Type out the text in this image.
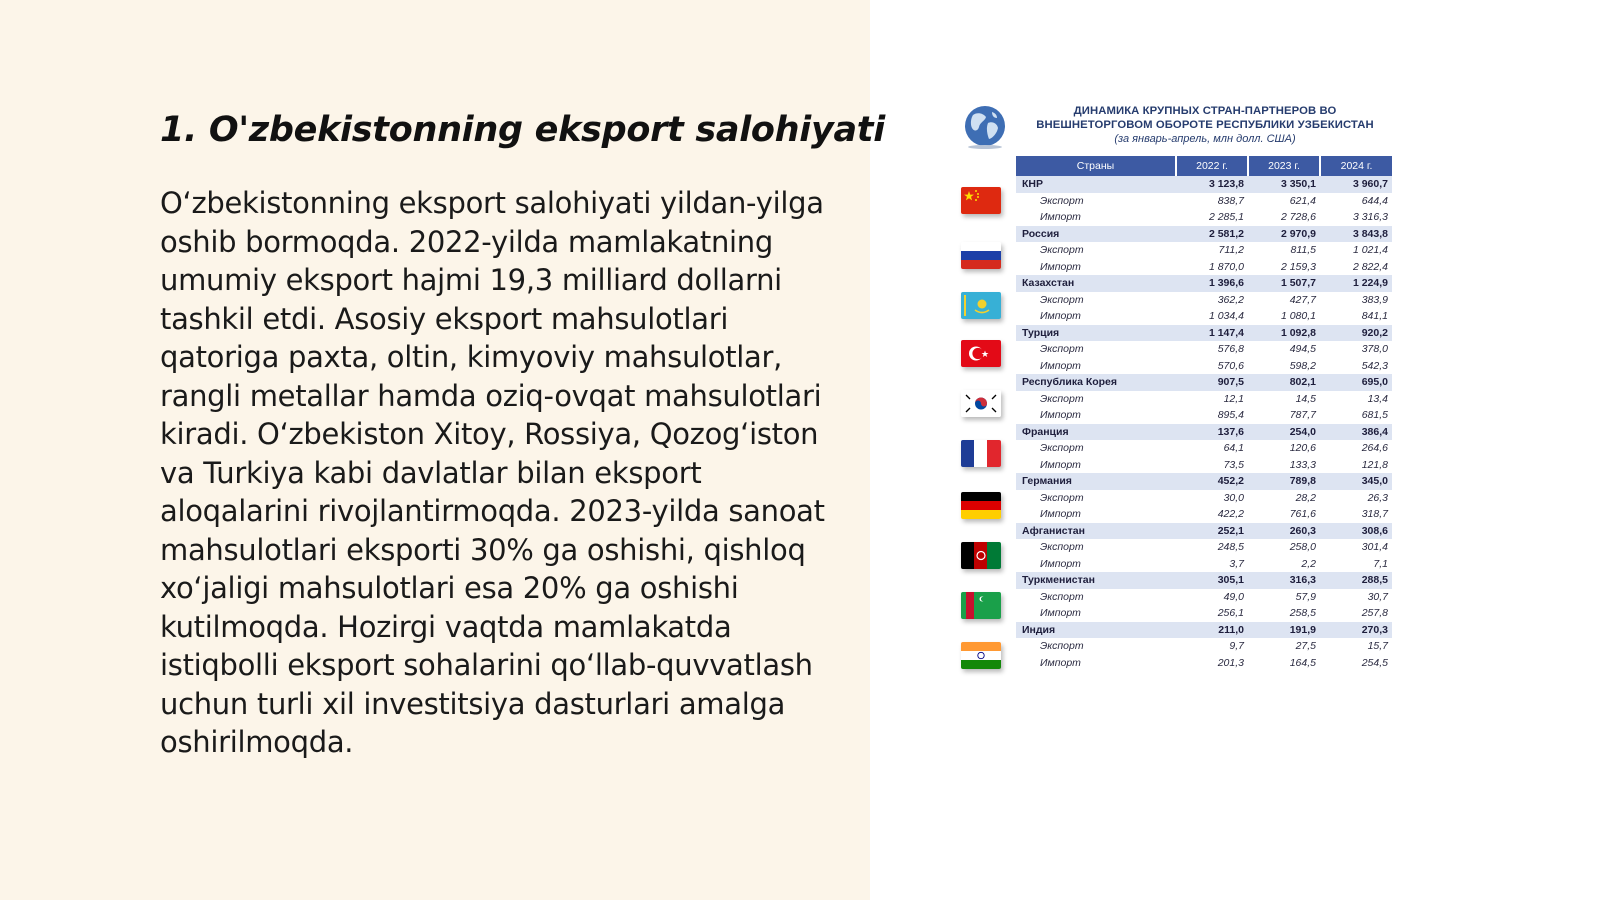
1. O'zbekistonning eksport salohiyati

O‘zbekistonning eksport salohiyati yildan-yilga oshib bormoqda. 2022-yilda mamlakatning umumiy eksport hajmi 19,3 milliard dollarni tashkil etdi. Asosiy eksport mahsulotlari qatoriga paxta, oltin, kimyoviy mahsulotlar, rangli metallar hamda oziq-ovqat mahsulotlari kiradi. O‘zbekiston Xitoy, Rossiya, Qozog‘iston va Turkiya kabi davlatlar bilan eksport aloqalarini rivojlantirmoqda. 2023-yilda sanoat mahsulotlari eksporti 30% ga oshishi, qishloq xo‘jaligi mahsulotlari esa 20% ga oshishi kutilmoqda. Hozirgi vaqtda mamlakatda istiqbolli eksport sohalarini qo‘llab-quvvatlash uchun turli xil investitsiya dasturlari amalga oshirilmoqda.

ДИНАМИКА КРУПНЫХ СТРАН-ПАРТНЕРОВ ВО
ВНЕШНЕТОРГОВОМ ОБОРОТЕ РЕСПУБЛИКИ УЗБЕКИСТАН
(за январь-апрель, млн долл. США)
Страны	2022 г.	2023 г.	2024 г.
КНР	3 123,8	3 350,1	3 960,7
Экспорт	838,7	621,4	644,4
Импорт	2 285,1	2 728,6	3 316,3
Россия	2 581,2	2 970,9	3 843,8
Экспорт	711,2	811,5	1 021,4
Импорт	1 870,0	2 159,3	2 822,4
Казахстан	1 396,6	1 507,7	1 224,9
Экспорт	362,2	427,7	383,9
Импорт	1 034,4	1 080,1	841,1
Турция	1 147,4	1 092,8	920,2
Экспорт	576,8	494,5	378,0
Импорт	570,6	598,2	542,3
Республика Корея	907,5	802,1	695,0
Экспорт	12,1	14,5	13,4
Импорт	895,4	787,7	681,5
Франция	137,6	254,0	386,4
Экспорт	64,1	120,6	264,6
Импорт	73,5	133,3	121,8
Германия	452,2	789,8	345,0
Экспорт	30,0	28,2	26,3
Импорт	422,2	761,6	318,7
Афганистан	252,1	260,3	308,6
Экспорт	248,5	258,0	301,4
Импорт	3,7	2,2	7,1
Туркменистан	305,1	316,3	288,5
Экспорт	49,0	57,9	30,7
Импорт	256,1	258,5	257,8
Индия	211,0	191,9	270,3
Экспорт	9,7	27,5	15,7
Импорт	201,3	164,5	254,5
